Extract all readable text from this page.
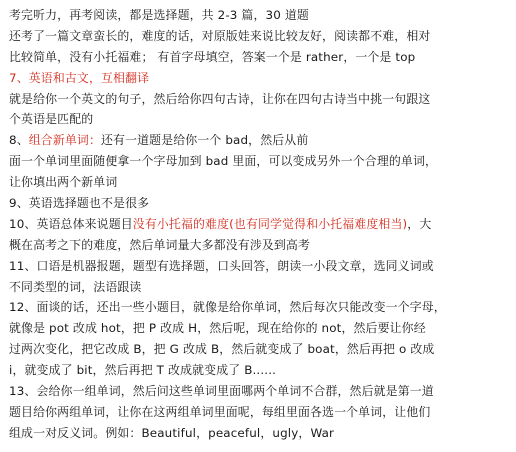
考完听力，再考阅读，都是选择题，共 2-3 篇，30 道题
还考了一篇文章蛮长的，难度的话，对原版娃来说比较友好，阅读都不难，相对
比较简单，没有小托福难； 有首字母填空，答案一个是 rather，一个是 top
7、英语和古文，互相翻译
就是给你一个英文的句子，然后给你四句古诗，让你在四句古诗当中挑一句跟这
个英语是匹配的
8、组合新单词：还有一道题是给你一个 bad，然后从前
面一个单词里面随便拿一个字母加到 bad 里面，可以变成另外一个合理的单词，
让你填出两个新单词
9、英语选择题也不是很多
10、英语总体来说题目没有小托福的难度(也有同学觉得和小托福难度相当)，大
概在高考之下的难度，然后单词量大多都没有涉及到高考
11、口语是机器报题，题型有选择题，口头回答，朗读一小段文章，选同义词或
不同类型的词，法语跟读
12、面谈的话，还出一些小题目，就像是给你单词，然后每次只能改变一个字母，
就像是 pot 改成 hot，把 P 改成 H，然后呢，现在给你的 not，然后要让你经
过两次变化，把它改成 B，把 G 改成 B，然后就变成了 boat，然后再把 o 改成
i，就变成了 bit，然后再把 T 改成就变成了 B......
13、会给你一组单词，然后问这些单词里面哪两个单词不合群，然后就是第一道
题目给你两组单词，让你在这两组单词里面呢，每组里面各选一个单词，让他们
组成一对反义词。例如：Beautiful，peaceful，ugly，War
